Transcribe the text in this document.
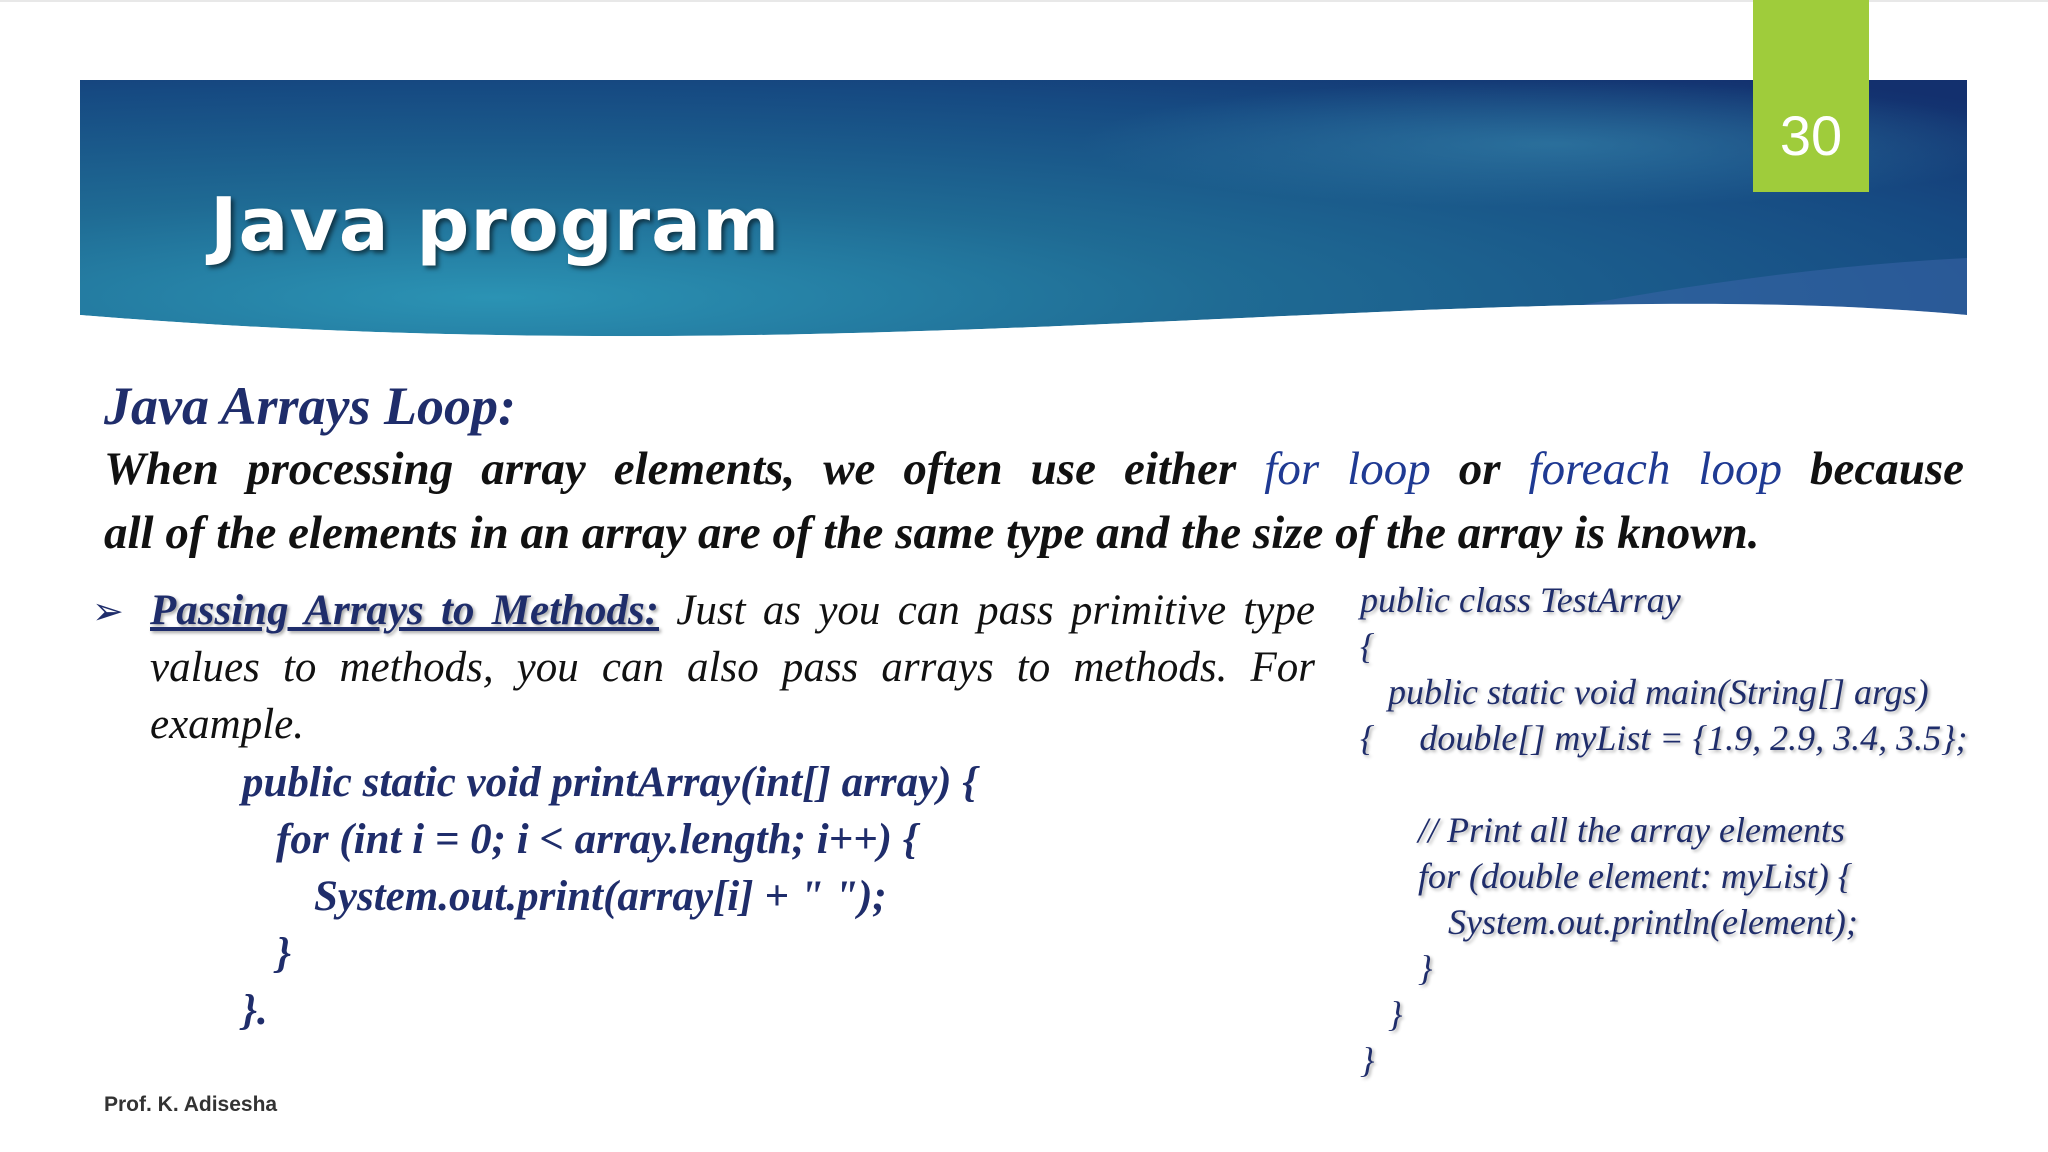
30
Java program
Java Arrays Loop:
When processing array elements, we often use either for loop or foreach loop because
all of the elements in an array are of the same type and the size of the array is known.
➢ Passing Arrays to Methods: Just as you can pass primitive type values to methods, you can also pass arrays to methods. For example.
public static void printArray(int[] array) {
for (int i = 0; i < array.length; i++) {
System.out.print(array[i] + " ");
}
}.
public class TestArray
{
public static void main(String[] args)
{     double[] myList = {1.9, 2.9, 3.4, 3.5};
// Print all the array elements
for (double element: myList) {
System.out.println(element);
}
}
}
Prof. K. Adisesha
